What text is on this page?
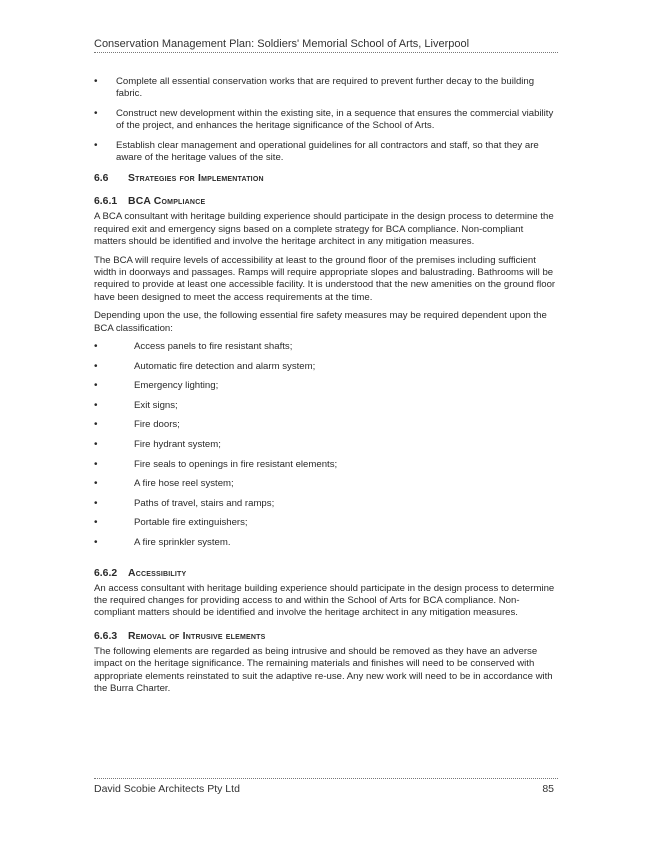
Conservation Management Plan: Soldiers' Memorial School of Arts, Liverpool
• Complete all essential conservation works that are required to prevent further decay to the building fabric.
• Construct new development within the existing site, in a sequence that ensures the commercial viability of the project, and enhances the heritage significance of the School of Arts.
• Establish clear management and operational guidelines for all contractors and staff, so that they are aware of the heritage values of the site.
6.6 Strategies for Implementation
6.6.1 BCA Compliance

A BCA consultant with heritage building experience should participate in the design process to determine the required exit and emergency signs based on a complete strategy for BCA compliance. Non-compliant matters should be identified and involve the heritage architect in any mitigation measures.

The BCA will require levels of accessibility at least to the ground floor of the premises including sufficient width in doorways and passages. Ramps will require appropriate slopes and balustrading. Bathrooms will be required to provide at least one accessible facility. It is understood that the new amenities on the ground floor have been designed to meet the access requirements at the time.

Depending upon the use, the following essential fire safety measures may be required dependent upon the BCA classification:

• Access panels to fire resistant shafts;
• Automatic fire detection and alarm system;
• Emergency lighting;
• Exit signs;
• Fire doors;
• Fire hydrant system;
• Fire seals to openings in fire resistant elements;
• A fire hose reel system;
• Paths of travel, stairs and ramps;
• Portable fire extinguishers;
• A fire sprinkler system.
6.6.2 Accessibility

An access consultant with heritage building experience should participate in the design process to determine the required changes for providing access to and within the School of Arts for BCA compliance. Non-compliant matters should be identified and involve the heritage architect in any mitigation measures.

6.6.3 Removal of Intrusive elements

The following elements are regarded as being intrusive and should be removed as they have an adverse impact on the heritage significance. The remaining materials and finishes will need to be conserved with appropriate elements reinstated to suit the adaptive re-use. Any new work will need to be in accordance with the Burra Charter.

David Scobie Architects Pty Ltd	85
